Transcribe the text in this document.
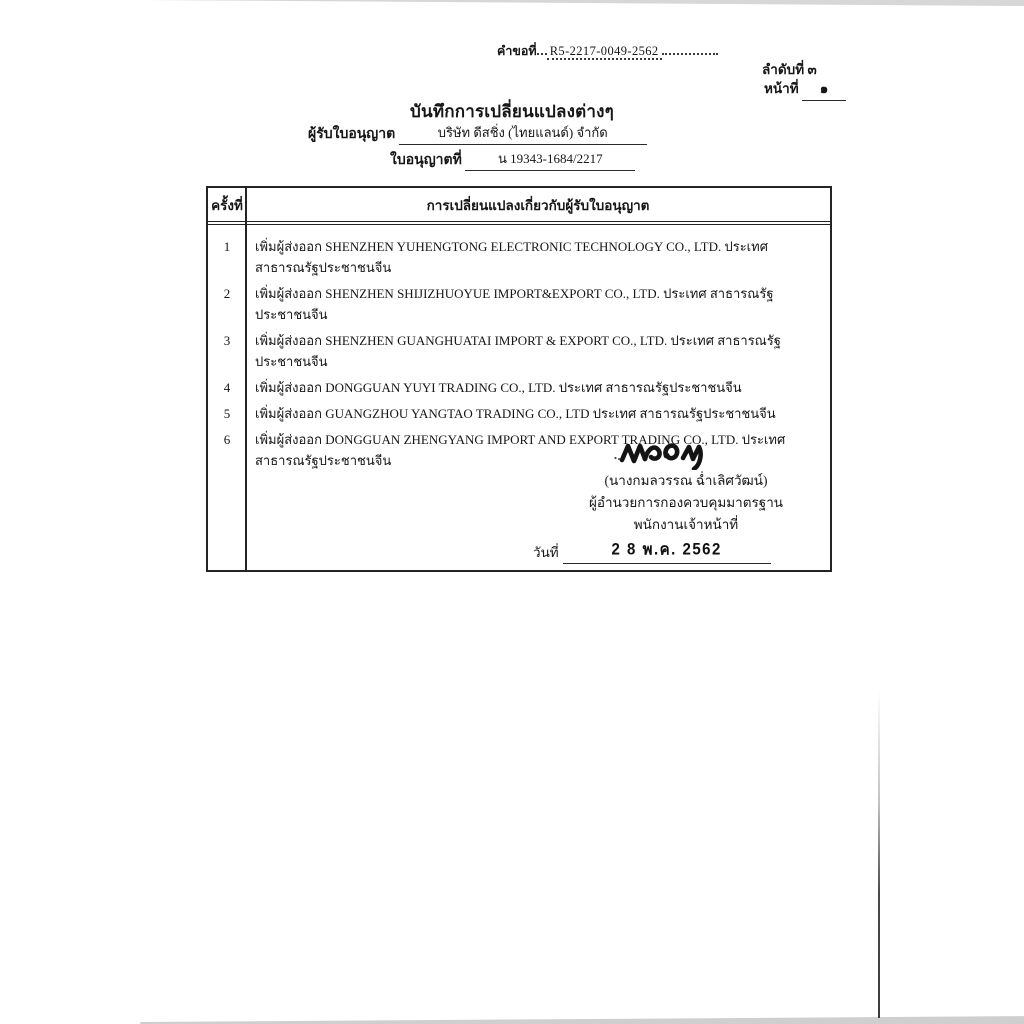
คำขอที่ R5-2217-0049-2562
ลำดับที่ ๓
หน้าที่ ๑
บันทึกการเปลี่ยนแปลงต่างๆ
ผู้รับใบอนุญาต	บริษัท ดีสชิ่ง (ไทยแลนด์) จำกัด
ใบอนุญาตที่	น 19343-1684/2217
ครั้งที่	การเปลี่ยนแปลงเกี่ยวกับผู้รับใบอนุญาต
1	เพิ่มผู้ส่งออก SHENZHEN YUHENGTONG ELECTRONIC TECHNOLOGY CO., LTD. ประเทศ สาธารณรัฐประชาชนจีน
2	เพิ่มผู้ส่งออก SHENZHEN SHIJIZHUOYUE IMPORT&EXPORT CO., LTD. ประเทศ สาธารณรัฐประชาชนจีน
3	เพิ่มผู้ส่งออก SHENZHEN GUANGHUATAI IMPORT & EXPORT CO., LTD. ประเทศ สาธารณรัฐประชาชนจีน
4	เพิ่มผู้ส่งออก DONGGUAN YUYI TRADING CO., LTD. ประเทศ สาธารณรัฐประชาชนจีน
5	เพิ่มผู้ส่งออก GUANGZHOU YANGTAO TRADING CO., LTD ประเทศ สาธารณรัฐประชาชนจีน
6	เพิ่มผู้ส่งออก DONGGUAN ZHENGYANG IMPORT AND EXPORT TRADING CO., LTD. ประเทศ สาธารณรัฐประชาชนจีน
(นางกมลวรรณ ฉ่ำเลิศวัฒน์)
ผู้อำนวยการกองควบคุมมาตรฐาน
พนักงานเจ้าหน้าที่
วันที่	2 8 พ.ค. 2562
